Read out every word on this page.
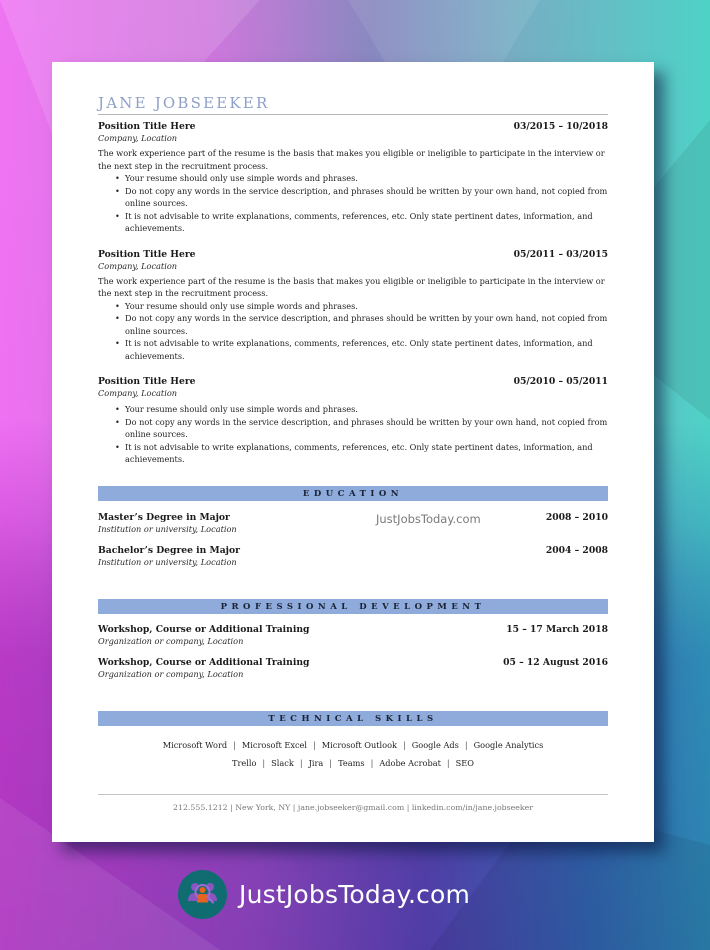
JANE JOBSEEKER
Position Title Here	03/2015 – 10/2018
Company, Location
The work experience part of the resume is the basis that makes you eligible or ineligible to participate in the interview or the next step in the recruitment process.
• Your resume should only use simple words and phrases.
• Do not copy any words in the service description, and phrases should be written by your own hand, not copied from online sources.
• It is not advisable to write explanations, comments, references, etc. Only state pertinent dates, information, and achievements.
Position Title Here	05/2011 – 03/2015
Company, Location
The work experience part of the resume is the basis that makes you eligible or ineligible to participate in the interview or the next step in the recruitment process.
• Your resume should only use simple words and phrases.
• Do not copy any words in the service description, and phrases should be written by your own hand, not copied from online sources.
• It is not advisable to write explanations, comments, references, etc. Only state pertinent dates, information, and achievements.
Position Title Here	05/2010 – 05/2011
Company, Location
• Your resume should only use simple words and phrases.
• Do not copy any words in the service description, and phrases should be written by your own hand, not copied from online sources.
• It is not advisable to write explanations, comments, references, etc. Only state pertinent dates, information, and achievements.
EDUCATION
JustJobsToday.com
Master’s Degree in Major	2008 – 2010
Institution or university, Location
Bachelor’s Degree in Major	2004 – 2008
Institution or university, Location
PROFESSIONAL DEVELOPMENT
Workshop, Course or Additional Training	15 – 17 March 2018
Organization or company, Location
Workshop, Course or Additional Training	05 – 12 August 2016
Organization or company, Location
TECHNICAL SKILLS
Microsoft Word | Microsoft Excel | Microsoft Outlook | Google Ads | Google Analytics
Trello | Slack | Jira | Teams | Adobe Acrobat | SEO
212.555.1212 | New York, NY | jane.jobseeker@gmail.com | linkedin.com/in/jane.jobseeker
JustJobsToday.com
